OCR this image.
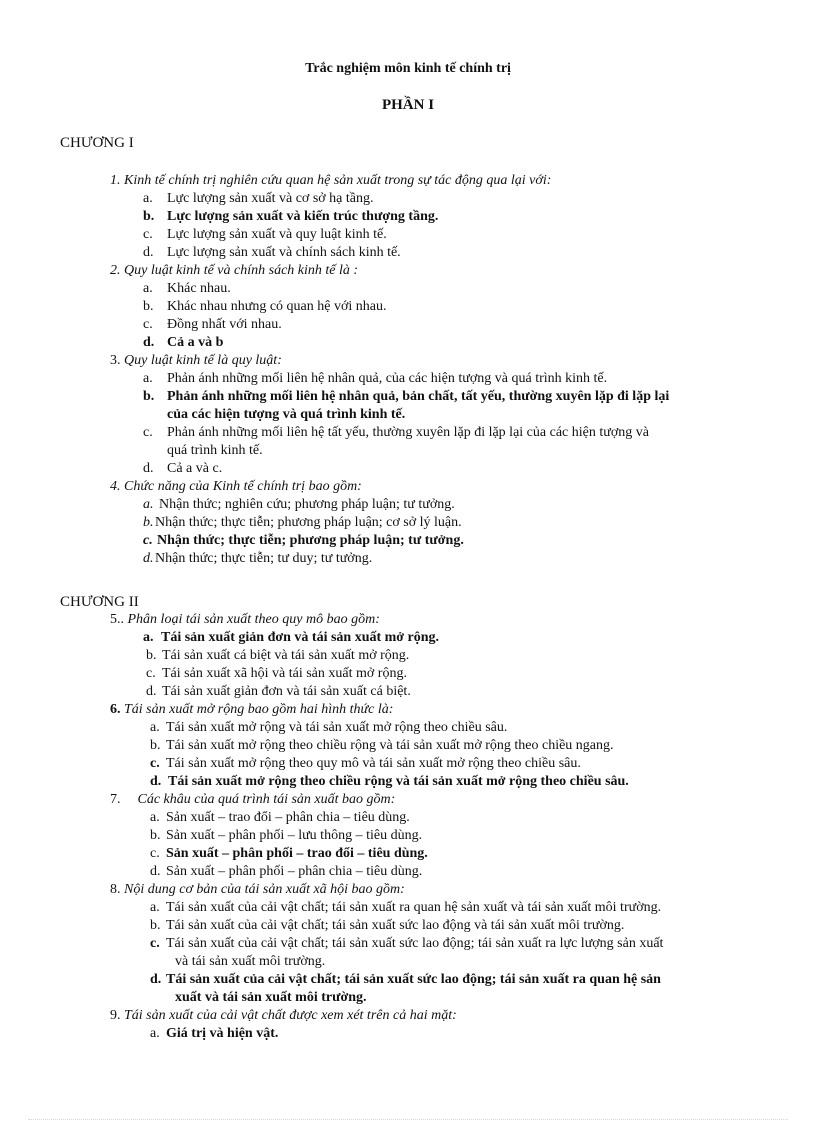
Trắc nghiệm môn kinh tế chính trị
PHẦN I
CHƯƠNG I
1. Kinh tế chính trị nghiên cứu quan hệ sản xuất trong sự tác động qua lại với:
a. Lực lượng sản xuất và cơ sở hạ tầng.
b. Lực lượng sản xuất và kiến trúc thượng tầng.
c. Lực lượng sản xuất và quy luật kinh tế.
d. Lực lượng sản xuất và chính sách kinh tế.
2. Quy luật kinh tế và chính sách kinh tế là :
a. Khác nhau.
b. Khác nhau nhưng có quan hệ với nhau.
c. Đồng nhất với nhau.
d. Cả a và b
3. Quy luật kinh tế là quy luật:
a. Phản ánh những mối liên hệ nhân quả, của các hiện tượng và quá trình kinh tế.
b. Phản ánh những mối liên hệ nhân quả, bản chất, tất yếu, thường xuyên lặp đi lặp lại
của các hiện tượng và quá trình kinh tế.
c. Phản ánh những mối liên hệ tất yếu, thường xuyên lặp đi lặp lại của các hiện tượng và
quá trình kinh tế.
d. Cả a và c.
4. Chức năng của Kinh tế chính trị bao gồm:
a. Nhận thức; nghiên cứu; phương pháp luận; tư tưởng.
b. Nhận thức; thực tiễn; phương pháp luận; cơ sở lý luận.
c. Nhận thức; thực tiễn; phương pháp luận; tư tưởng.
d. Nhận thức; thực tiễn; tư duy; tư tưởng.
CHƯƠNG II
5.. Phân loại tái sản xuất theo quy mô bao gồm:
a. Tái sản xuất giản đơn và tái sản xuất mở rộng.
b. Tái sản xuất cá biệt và tái sản xuất mở rộng.
c. Tái sản xuất xã hội và tái sản xuất mở rộng.
d. Tái sản xuất giản đơn và tái sản xuất cá biệt.
6. Tái sản xuất mở rộng bao gồm hai hình thức là:
a. Tái sản xuất mở rộng và tái sản xuất mở rộng theo chiều sâu.
b. Tái sản xuất mở rộng theo chiều rộng và tái sản xuất mở rộng theo chiều ngang.
c. Tái sản xuất mở rộng theo quy mô và tái sản xuất mở rộng theo chiều sâu.
d. Tái sản xuất mở rộng theo chiều rộng và tái sản xuất mở rộng theo chiều sâu.
7. Các khâu của quá trình tái sản xuất bao gồm:
a. Sản xuất – trao đổi – phân chia – tiêu dùng.
b. Sản xuất – phân phối – lưu thông – tiêu dùng.
c. Sản xuất – phân phối – trao đổi – tiêu dùng.
d. Sản xuất – phân phối – phân chia – tiêu dùng.
8. Nội dung cơ bản của tái sản xuất xã hội bao gồm:
a. Tái sản xuất của cải vật chất; tái sản xuất ra quan hệ sản xuất và tái sản xuất môi trường.
b. Tái sản xuất của cải vật chất; tái sản xuất sức lao động và tái sản xuất môi trường.
c. Tái sản xuất của cải vật chất; tái sản xuất sức lao động; tái sản xuất ra lực lượng sản xuất
và tái sản xuất môi trường.
d. Tái sản xuất của cải vật chất; tái sản xuất sức lao động; tái sản xuất ra quan hệ sản
xuất và tái sản xuất môi trường.
9. Tái sản xuất của cải vật chất được xem xét trên cả hai mặt:
a. Giá trị và hiện vật.
